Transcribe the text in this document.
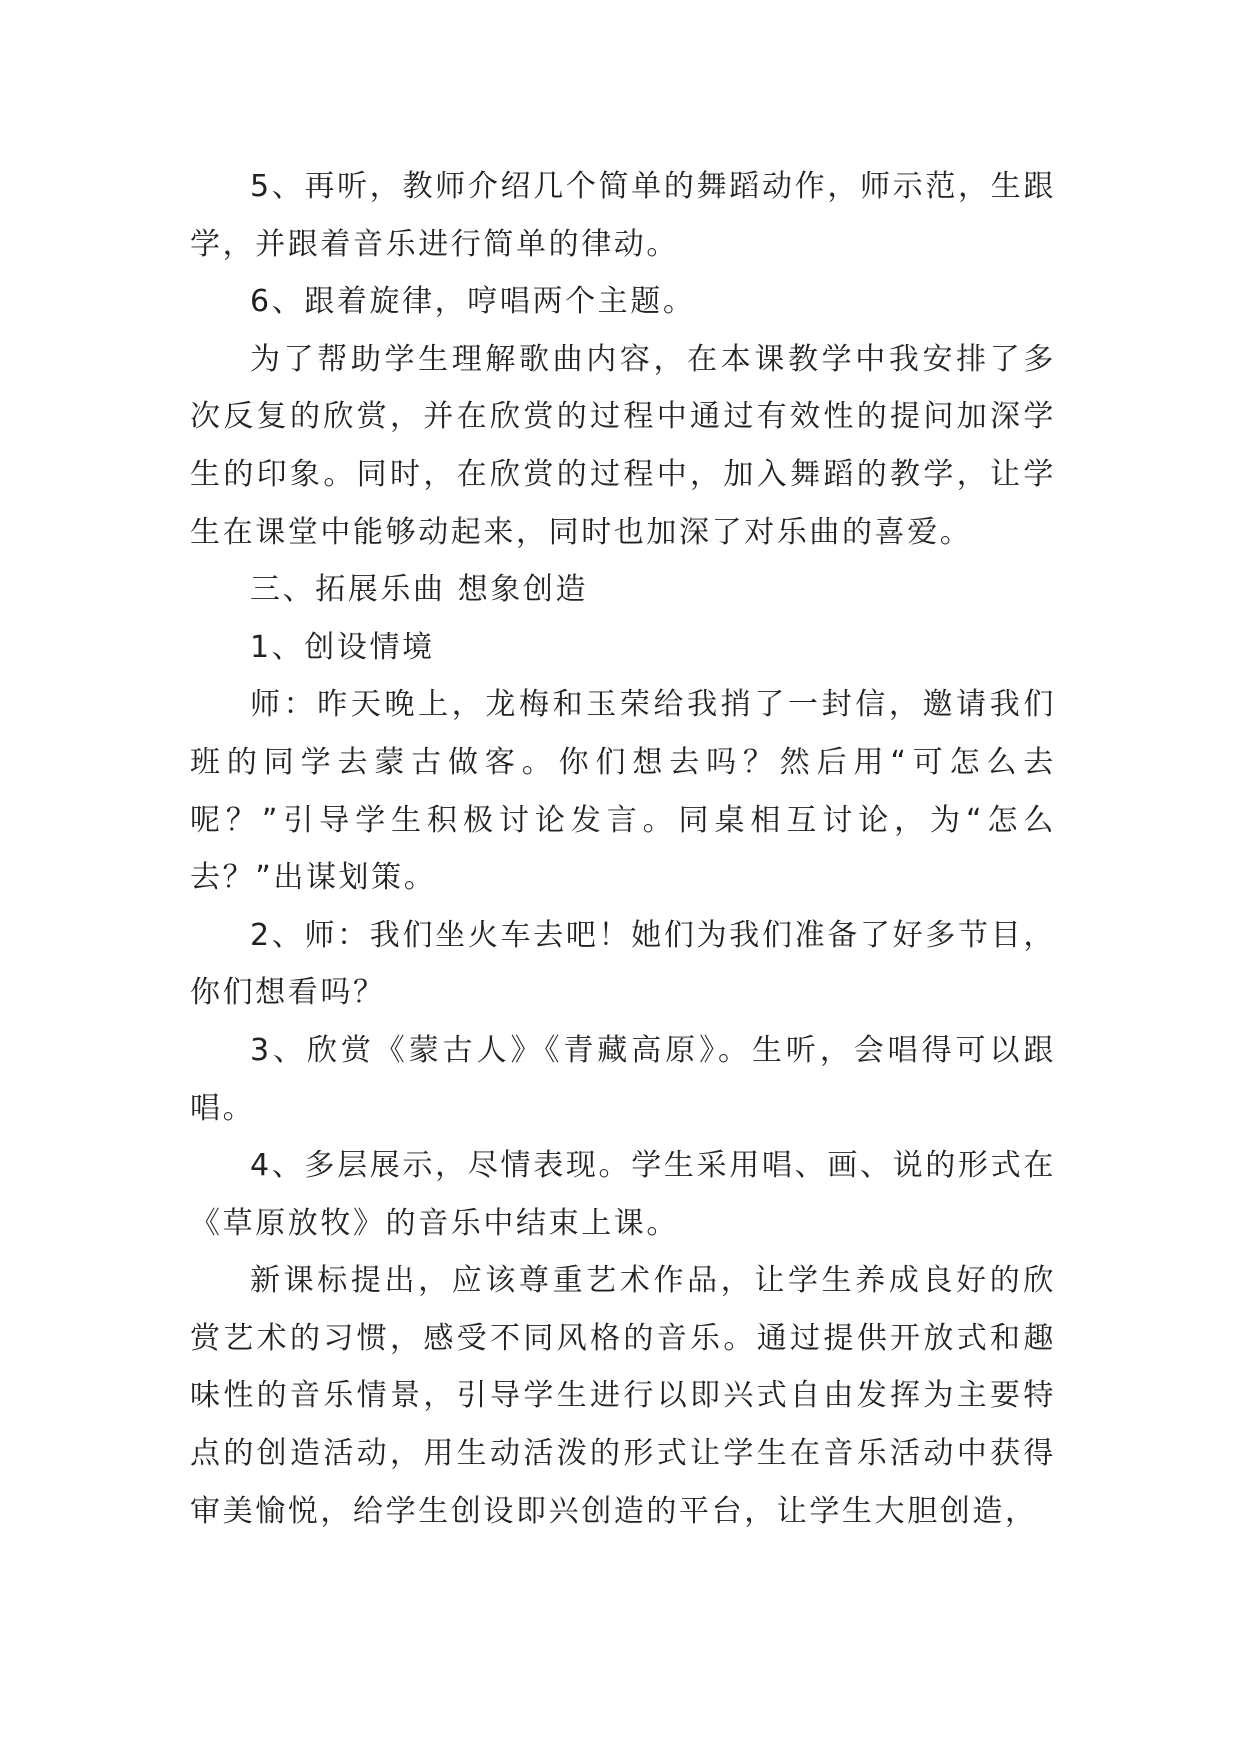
5、再听，教师介绍几个简单的舞蹈动作，师示范，生跟学，并跟着音乐进行简单的律动。

6、跟着旋律，哼唱两个主题。

为了帮助学生理解歌曲内容，在本课教学中我安排了多次反复的欣赏，并在欣赏的过程中通过有效性的提问加深学生的印象。同时，在欣赏的过程中，加入舞蹈的教学，让学生在课堂中能够动起来，同时也加深了对乐曲的喜爱。

三、拓展乐曲 想象创造

1、创设情境

师：昨天晚上，龙梅和玉荣给我捎了一封信，邀请我们班的同学去蒙古做客。你们想去吗？然后用“可怎么去呢？”引导学生积极讨论发言。同桌相互讨论，为“怎么去？”出谋划策。

2、师：我们坐火车去吧！她们为我们准备了好多节目，你们想看吗？

3、欣赏《蒙古人》《青藏高原》。生听，会唱得可以跟唱。

4、多层展示，尽情表现。学生采用唱、画、说的形式在《草原放牧》的音乐中结束上课。

新课标提出，应该尊重艺术作品，让学生养成良好的欣赏艺术的习惯，感受不同风格的音乐。通过提供开放式和趣味性的音乐情景，引导学生进行以即兴式自由发挥为主要特点的创造活动，用生动活泼的形式让学生在音乐活动中获得审美愉悦，给学生创设即兴创造的平台，让学生大胆创造，
